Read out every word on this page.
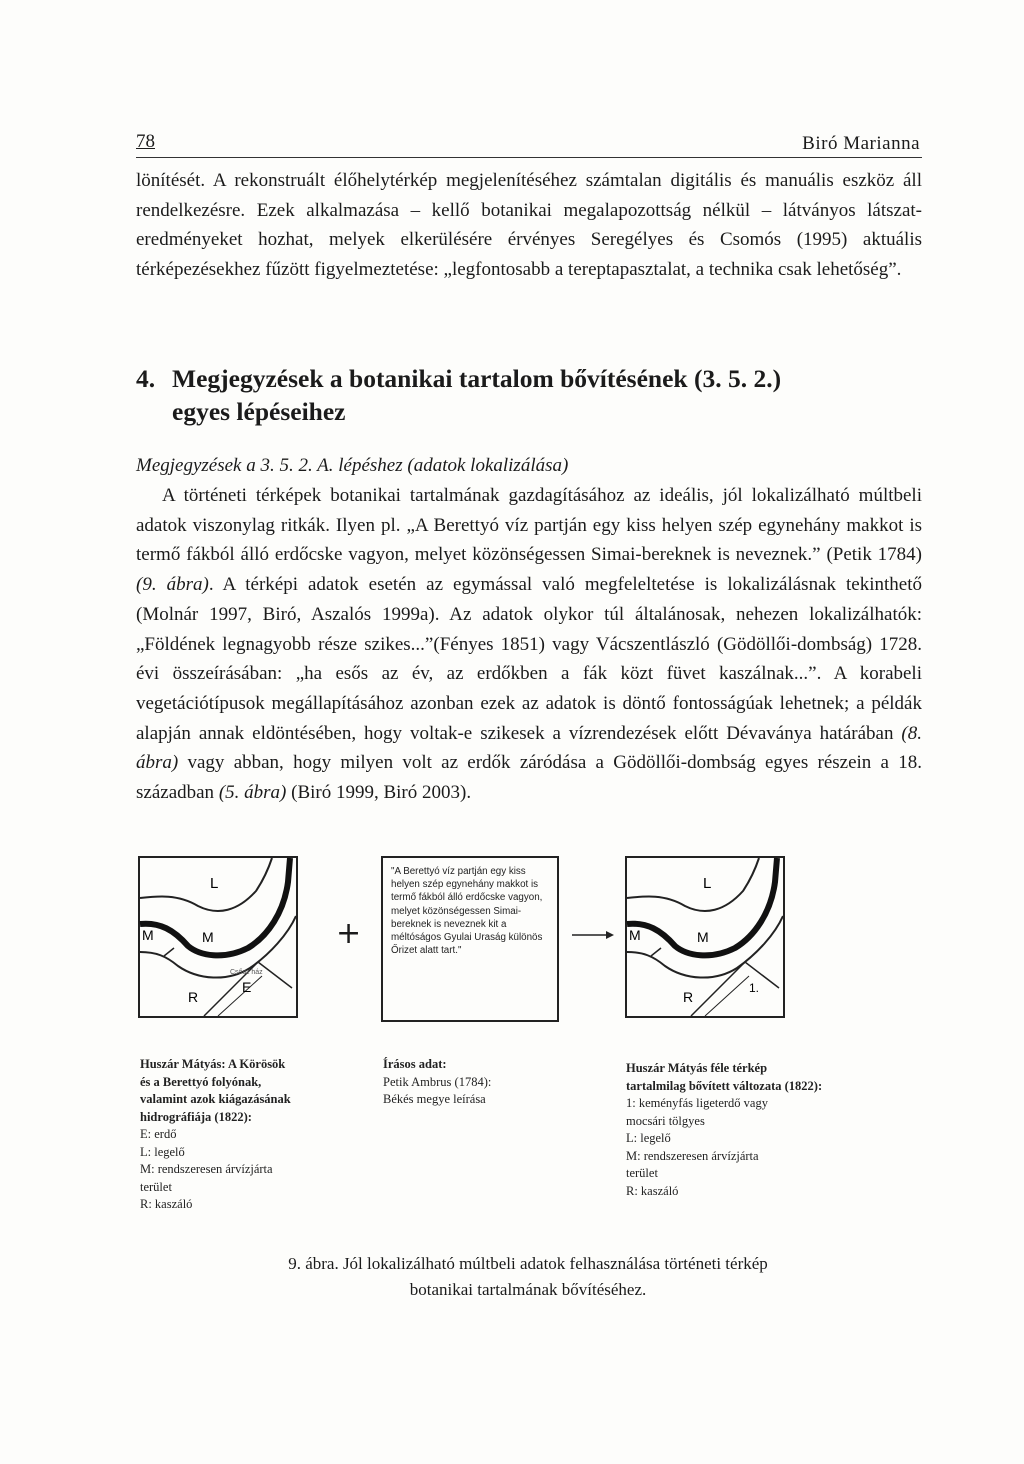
78	Biró Marianna

lönítését. A rekonstruált élőhelytérkép megjelenítéséhez számtalan digitális és manuális eszköz áll rendelkezésre. Ezek alkalmazása – kellő botanikai megalapozottság nélkül – látványos látszat-eredményeket hozhat, melyek elkerülésére érvényes Seregélyes és Csomós (1995) aktuális térképezésekhez fűzött figyelmeztetése: „legfontosabb a tereptapasztalat, a technika csak lehetőség”.

4. Megjegyzések a botanikai tartalom bővítésének (3. 5. 2.)
egyes lépéseihez
Megjegyzések a 3. 5. 2. A. lépéshez (adatok lokalizálása)

A történeti térképek botanikai tartalmának gazdagításához az ideális, jól lokalizálható múltbeli adatok viszonylag ritkák. Ilyen pl. „A Berettyó víz partján egy kiss helyen szép egynehány makkot is termő fákból álló erdőcske vagyon, melyet közönségessen Simai-bereknek is neveznek.” (Petik 1784) (9. ábra). A térképi adatok esetén az egymással való megfeleltetése is lokalizálásnak tekinthető (Molnár 1997, Biró, Aszalós 1999a). Az adatok olykor túl általánosak, nehezen lokalizálhatók: „Földének legnagyobb része szikes...”(Fényes 1851) vagy Vácszentlászló (Gödöllői-dombság) 1728. évi összeírásában: „ha esős az év, az erdőkben a fák közt füvet kaszálnak...”. A korabeli vegetációtípusok megállapításához azonban ezek az adatok is döntő fontosságúak lehetnek; a példák alapján annak eldöntésében, hogy voltak-e szikesek a vízrendezések előtt Dévaványa határában (8. ábra) vagy abban, hogy milyen volt az erdők záródása a Gödöllői-dombság egyes részein a 18. században (5. ábra) (Biró 1999, Biró 2003).

L
M	M
R
E
Csősz ház
+
"A Berettyó víz partján egy kiss helyen szép egynehány makkot is termő fákból álló erdőcske vagyon, melyet közönségessen Simai-bereknek is neveznek kit a méltóságos Gyulai Uraság különös Őrizet alatt tart."
L
M	M
R
1.
Huszár Mátyás: A Körösök
és a Berettyó folyónak,
valamint azok kiágazásának
hidrográfiája (1822):
E: erdő
L: legelő
M: rendszeresen árvízjárta
terület
R: kaszáló
Írásos adat:
Petik Ambrus (1784):
Békés megye leírása
Huszár Mátyás féle térkép
tartalmilag bővített változata (1822):
1: keményfás ligeterdő vagy
mocsári tölgyes
L: legelő
M: rendszeresen árvízjárta
terület
R: kaszáló
9. ábra. Jól lokalizálható múltbeli adatok felhasználása történeti térkép
botanikai tartalmának bővítéséhez.
